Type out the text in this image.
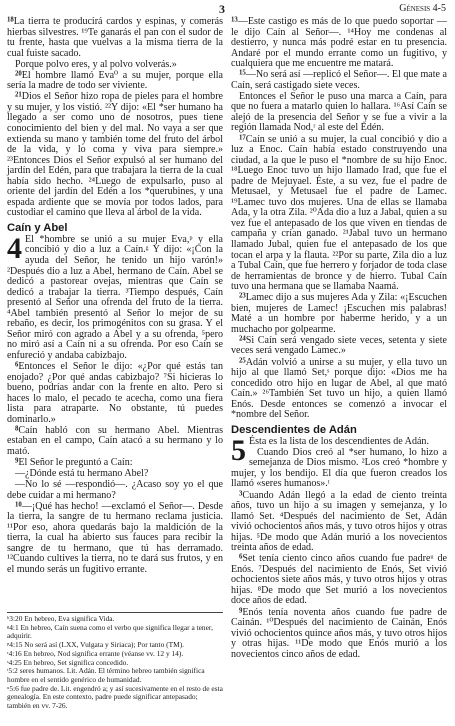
3	Génesis 4-5

$^{18}$La tierra te producirá cardos y espinas, y comerás hierbas silvestres. ¹⁹Te ganarás el pan con el sudor de tu frente, hasta que vuelvas a la misma tierra de la cual fuiste sacado.

Porque polvo eres, y al polvo volverás.»

$^{20}$El hombre llamó Eva⁰ a su mujer, porque ella sería la madre de todo ser viviente.

$^{21}$Dios el Señor hizo ropa de pieles para el hombre y su mujer, y los vistió. ²²Y dijo: «El *ser humano ha llegado a ser como uno de nosotros, pues tiene conocimiento del bien y del mal. No vaya a ser que extienda su mano y también tome del fruto del árbol de la vida, y lo coma y viva para siempre.» ²³Entonces Dios el Señor expulsó al ser humano del jardín del Edén, para que trabajara la tierra de la cual había sido hecho. ²⁴Luego de expulsarlo, puso al oriente del jardín del Edén a los *querubines, y una espada ardiente que se movía por todos lados, para custodiar el camino que lleva al árbol de la vida.

Caín y Abel

4 El *hombre se unió a su mujer Eva,ᵖ y ella concibió y dio a luz a Caín.ᵍ Y dijo: «¡Con la ayuda del Señor, he tenido un hijo varón!» ²Después dio a luz a Abel, hermano de Caín. Abel se dedicó a pastorear ovejas, mientras que Caín se dedicó a trabajar la tierra. ³Tiempo después, Caín presentó al Señor una ofrenda del fruto de la tierra. ⁴Abel también presentó al Señor lo mejor de su rebaño, es decir, los primogénitos con su grasa. Y el Señor miró con agrado a Abel y a su ofrenda, ⁵pero no miró así a Caín ni a su ofrenda. Por eso Caín se enfureció y andaba cabizbajo.

$^6$Entonces el Señor le dijo: «¿Por qué estás tan enojado? ¿Por qué andas cabizbajo? ⁷Si hicieras lo bueno, podrías andar con la frente en alto. Pero si haces lo malo, el pecado te acecha, como una fiera lista para atraparte. No obstante, tú puedes dominarlo.»

$^8$Caín habló con su hermano Abel. Mientras estaban en el campo, Caín atacó a su hermano y lo mató.

$^9$El Señor le preguntó a Caín:

—¿Dónde está tu hermano Abel?

—No lo sé —respondió—. ¿Acaso soy yo el que debe cuidar a mi hermano?

$^{10}$—¡Qué has hecho! —exclamó el Señor—. Desde la tierra, la sangre de tu hermano reclama justicia. ¹¹Por eso, ahora quedarás bajo la maldición de la tierra, la cual ha abierto sus fauces para recibir la sangre de tu hermano, que tú has derramado. ¹²Cuando cultives la tierra, no te dará sus frutos, y en el mundo serás un fugitivo errante.

$^{13}$—Este castigo es más de lo que puedo soportar —le dijo Caín al Señor—. ¹⁴Hoy me condenas al destierro, y nunca más podré estar en tu presencia. Andaré por el mundo errante como un fugitivo, y cualquiera que me encuentre me matará.

$^{15}$—No será así —replicó el Señor—. El que mate a Caín, será castigado siete veces.

Entonces el Señor le puso una marca a Caín, para que no fuera a matarlo quien lo hallara. ¹⁶Así Caín se alejó de la presencia del Señor y se fue a vivir a la región llamada Nod,ʳ al este del Edén.

$^{17}$Caín se unió a su mujer, la cual concibió y dio a luz a Enoc. Caín había estado construyendo una ciudad, a la que le puso el *nombre de su hijo Enoc. ¹⁸Luego Enoc tuvo un hijo llamado Irad, que fue el padre de Mejuyael. Éste, a su vez, fue el padre de Metusael, y Metusael fue el padre de Lamec. ¹⁹Lamec tuvo dos mujeres. Una de ellas se llamaba Ada, y la otra Zila. ²⁰Ada dio a luz a Jabal, quien a su vez fue el antepasado de los que viven en tiendas de campaña y crían ganado. ²¹Jabal tuvo un hermano llamado Jubal, quien fue el antepasado de los que tocan el arpa y la flauta. ²²Por su parte, Zila dio a luz a Tubal Caín, que fue herrero y forjador de toda clase de herramientas de bronce y de hierro. Tubal Caín tuvo una hermana que se llamaba Naamá.

$^{23}$Lamec dijo a sus mujeres Ada y Zila: «¡Escuchen bien, mujeres de Lamec! ¡Escuchen mis palabras! Maté a un hombre por haberme herido, y a un muchacho por golpearme.

$^{24}$Si Caín será vengado siete veces, setenta y siete veces será vengado Lamec.»

$^{25}$Adán volvió a unirse a su mujer, y ella tuvo un hijo al que llamó Set,ˢ porque dijo: «Dios me ha concedido otro hijo en lugar de Abel, al que mató Caín.» ²⁶También Set tuvo un hijo, a quien llamó Enós. Desde entonces se comenzó a invocar el *nombre del Señor.

Descendientes de Adán

5 Ésta es la lista de los descendientes de Adán.

Cuando Dios creó al *ser humano, lo hizo a semejanza de Dios mismo. ²Los creó *hombre y mujer, y los bendijo. El día que fueron creados los llamó «seres humanos».ᵗ

$^3$Cuando Adán llegó a la edad de ciento treinta años, tuvo un hijo a su imagen y semejanza, y lo llamó Set. ⁴Después del nacimiento de Set, Adán vivió ochocientos años más, y tuvo otros hijos y otras hijas. ⁵De modo que Adán murió a los novecientos treinta años de edad.

$^6$Set tenía ciento cinco años cuando fue padreᵘ de Enós. ⁷Después del nacimiento de Enós, Set vivió ochocientos siete años más, y tuvo otros hijos y otras hijas. ⁸De modo que Set murió a los novecientos doce años de edad.

$^9$Enós tenía noventa años cuando fue padre de Cainán. ¹⁰Después del nacimiento de Cainán, Enós vivió ochocientos quince años más, y tuvo otros hijos y otras hijas. ¹¹De modo que Enós murió a los novecientos cinco años de edad.

ᵇ3:20 En hebreo, Eva significa Vida.

ᵍ4:1 En hebreo, Caín suena como el verbo que significa llegar a tener, adquirir.

ᵖ4:15 No será así (LXX, Vulgata y Siriaca); Por tanto (TM).

ʳ4:16 En hebreo, Nod significa errante (véanse vv. 12 y 14).

ˢ4:25 En hebreo, Set significa concedido.

ᵗ5:2 seres humanos. Lit. Adán. El término hebreo también significa hombre en el sentido genérico de humanidad.

ᵘ5:6 fue padre de. Lit. engendró a; y así sucesivamente en el resto de esta genealogía. En este contexto, padre puede significar antepasado; también en vv. 7-26.
